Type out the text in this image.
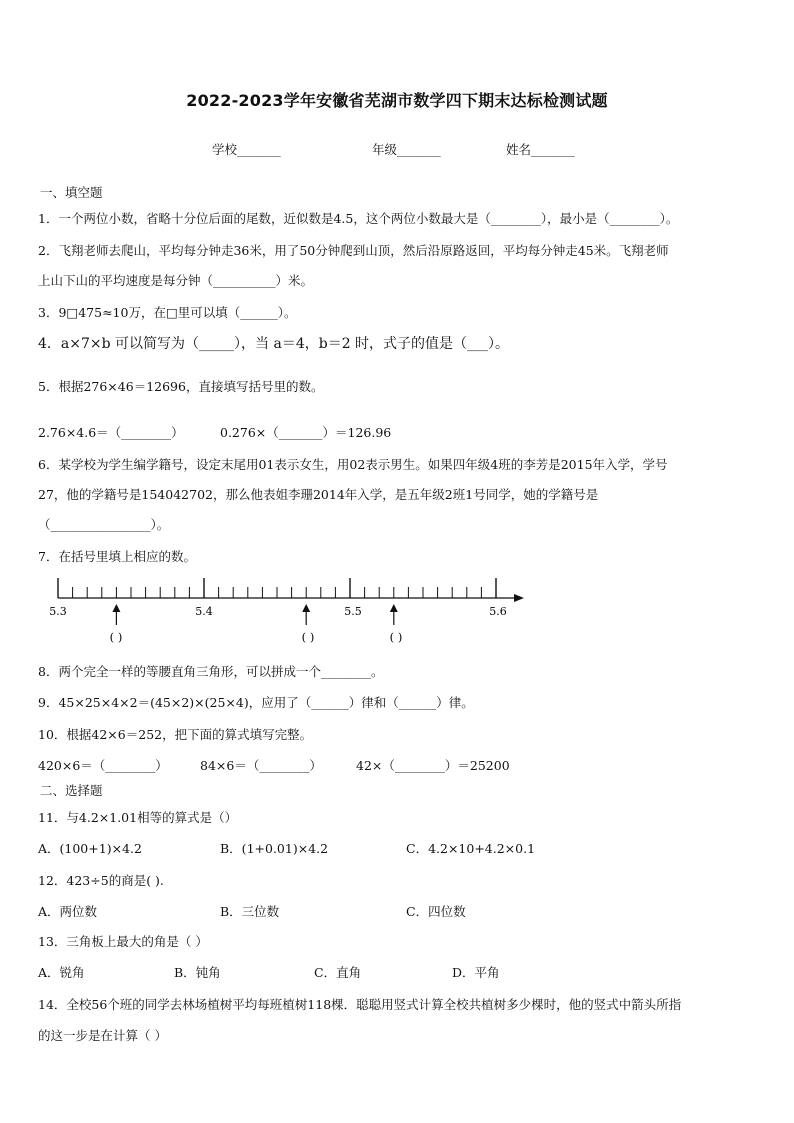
2022-2023学年安徽省芜湖市数学四下期末达标检测试题
学校_______	年级_______	姓名_______
一、填空题
1．一个两位小数，省略十分位后面的尾数，近似数是4.5，这个两位小数最大是（________），最小是（________）。
2．飞翔老师去爬山，平均每分钟走36米，用了50分钟爬到山顶，然后沿原路返回，平均每分钟走45米。飞翔老师
上山下山的平均速度是每分钟（__________）米。
3．9□475≈10万，在□里可以填（______）。
4．a×7×b 可以简写为（_____），当 a＝4，b＝2 时，式子的值是（___）。
5．根据276×46＝12696，直接填写括号里的数。
2.76×4.6＝（________）	0.276×（_______）＝126.96
6．某学校为学生编学籍号，设定末尾用01表示女生，用02表示男生。如果四年级4班的李芳是2015年入学，学号
27，他的学籍号是154042702，那么他表姐李珊2014年入学，是五年级2班1号同学，她的学籍号是
（________________）。
7．在括号里填上相应的数。
5.3	5.4	5.5	5.6
( )	( )	( )
8．两个完全一样的等腰直角三角形，可以拼成一个________。
9．45×25×4×2＝(45×2)×(25×4)，应用了（______）律和（______）律。
10．根据42×6＝252，把下面的算式填写完整。
420×6＝（________）	84×6＝（________）	42×（________）＝25200
二、选择题
11．与4.2×1.01相等的算式是（）
A．(100+1)×4.2	B．(1+0.01)×4.2	C．4.2×10+4.2×0.1
12．423÷5的商是( ).
A．两位数	B．三位数	C．四位数
13．三角板上最大的角是（ ）
A．锐角	B．钝角	C．直角	D．平角
14．全校56个班的同学去林场植树平均每班植树118棵．聪聪用竖式计算全校共植树多少棵时，他的竖式中箭头所指
的这一步是在计算（ ）
